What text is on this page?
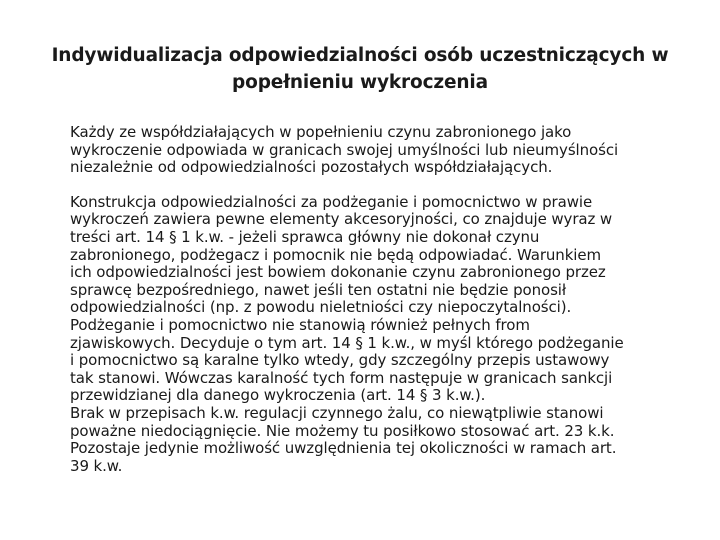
Indywidualizacja odpowiedzialności osób uczestniczących w
popełnieniu wykroczenia

Każdy ze współdziałających w popełnieniu czynu zabronionego jako
wykroczenie odpowiada w granicach swojej umyślności lub nieumyślności
niezależnie od odpowiedzialności pozostałych współdziałających.

Konstrukcja odpowiedzialności za podżeganie i pomocnictwo w prawie
wykroczeń zawiera pewne elementy akcesoryjności, co znajduje wyraz w
treści art. 14 § 1 k.w. - jeżeli sprawca główny nie dokonał czynu
zabronionego, podżegacz i pomocnik nie będą odpowiadać. Warunkiem
ich odpowiedzialności jest bowiem dokonanie czynu zabronionego przez
sprawcę bezpośredniego, nawet jeśli ten ostatni nie będzie ponosił
odpowiedzialności (np. z powodu nieletniości czy niepoczytalności).

Podżeganie i pomocnictwo nie stanowią również pełnych from
zjawiskowych. Decyduje o tym art. 14 § 1 k.w., w myśl którego podżeganie
i pomocnictwo są karalne tylko wtedy, gdy szczególny przepis ustawowy
tak stanowi. Wówczas karalność tych form następuje w granicach sankcji
przewidzianej dla danego wykroczenia (art. 14 § 3 k.w.).

Brak w przepisach k.w. regulacji czynnego żalu, co niewątpliwie stanowi
poważne niedociągnięcie. Nie możemy tu posiłkowo stosować art. 23 k.k.
Pozostaje jedynie możliwość uwzględnienia tej okoliczności w ramach art.
39 k.w.
